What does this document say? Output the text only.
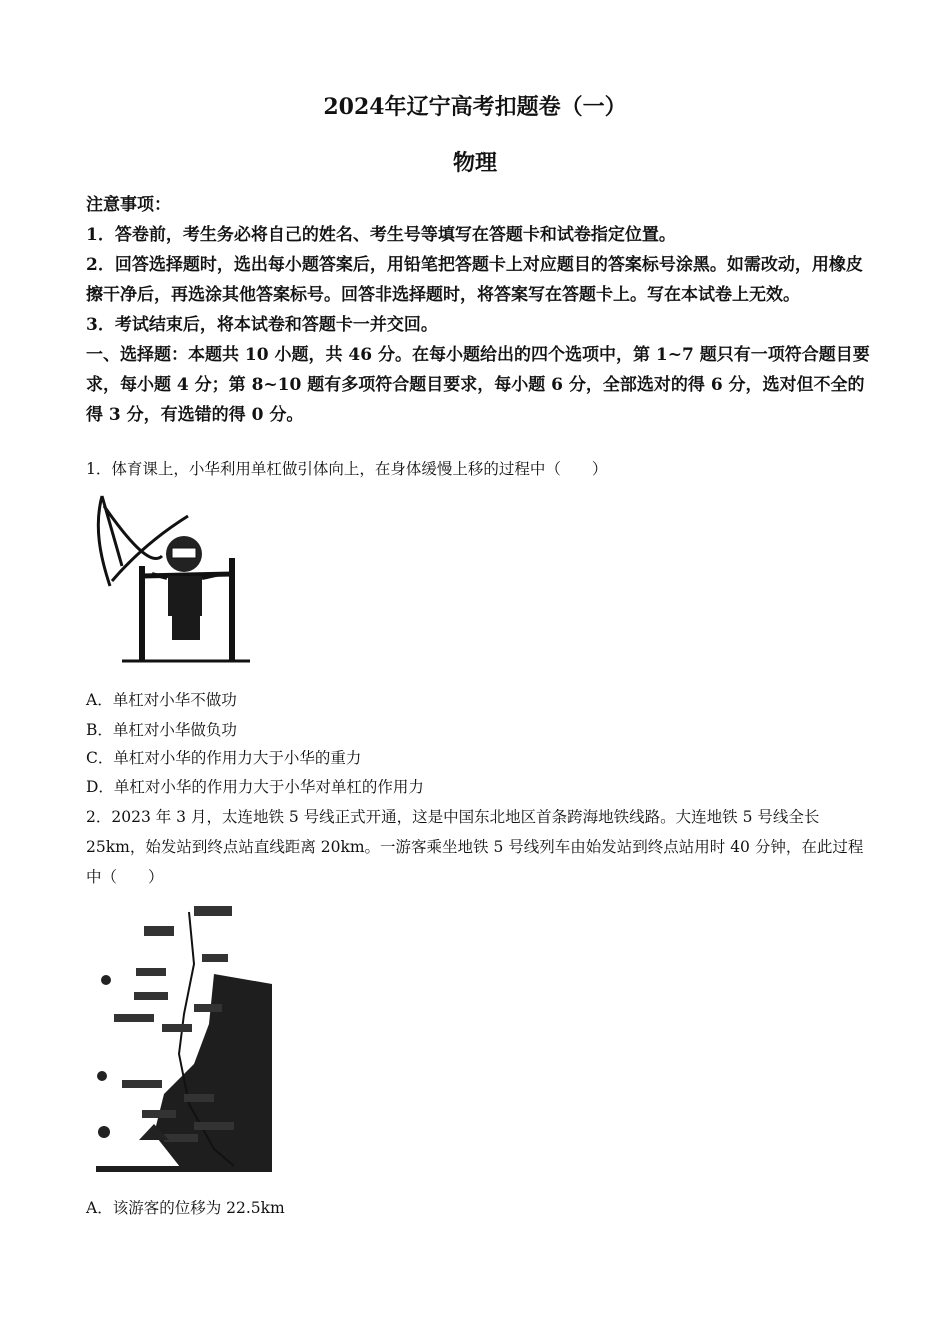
2024年辽宁高考扣题卷（一）
物理

注意事项：

1．答卷前，考生务必将自己的姓名、考生号等填写在答题卡和试卷指定位置。

2．回答选择题时，选出每小题答案后，用铅笔把答题卡上对应题目的答案标号涂黑。如需改动，用橡皮擦干净后，再选涂其他答案标号。回答非选择题时，将答案写在答题卡上。写在本试卷上无效。

3．考试结束后，将本试卷和答题卡一并交回。

一、选择题：本题共 10 小题，共 46 分。在每小题给出的四个选项中，第 1~7 题只有一项符合题目要求，每小题 4 分；第 8~10 题有多项符合题目要求，每小题 6 分，全部选对的得 6 分，选对但不全的得 3 分，有选错的得 0 分。

1．体育课上，小华利用单杠做引体向上，在身体缓慢上移的过程中（　　）
A．单杠对小华不做功
B．单杠对小华做负功
C．单杠对小华的作用力大于小华的重力
D．单杠对小华的作用力大于小华对单杠的作用力
2．2023 年 3 月，太连地铁 5 号线正式开通，这是中国东北地区首条跨海地铁线路。大连地铁 5 号线全长 25km，始发站到终点站直线距离 20km。一游客乘坐地铁 5 号线列车由始发站到终点站用时 40 分钟，在此过程中（　　）
A．该游客的位移为 22.5km
